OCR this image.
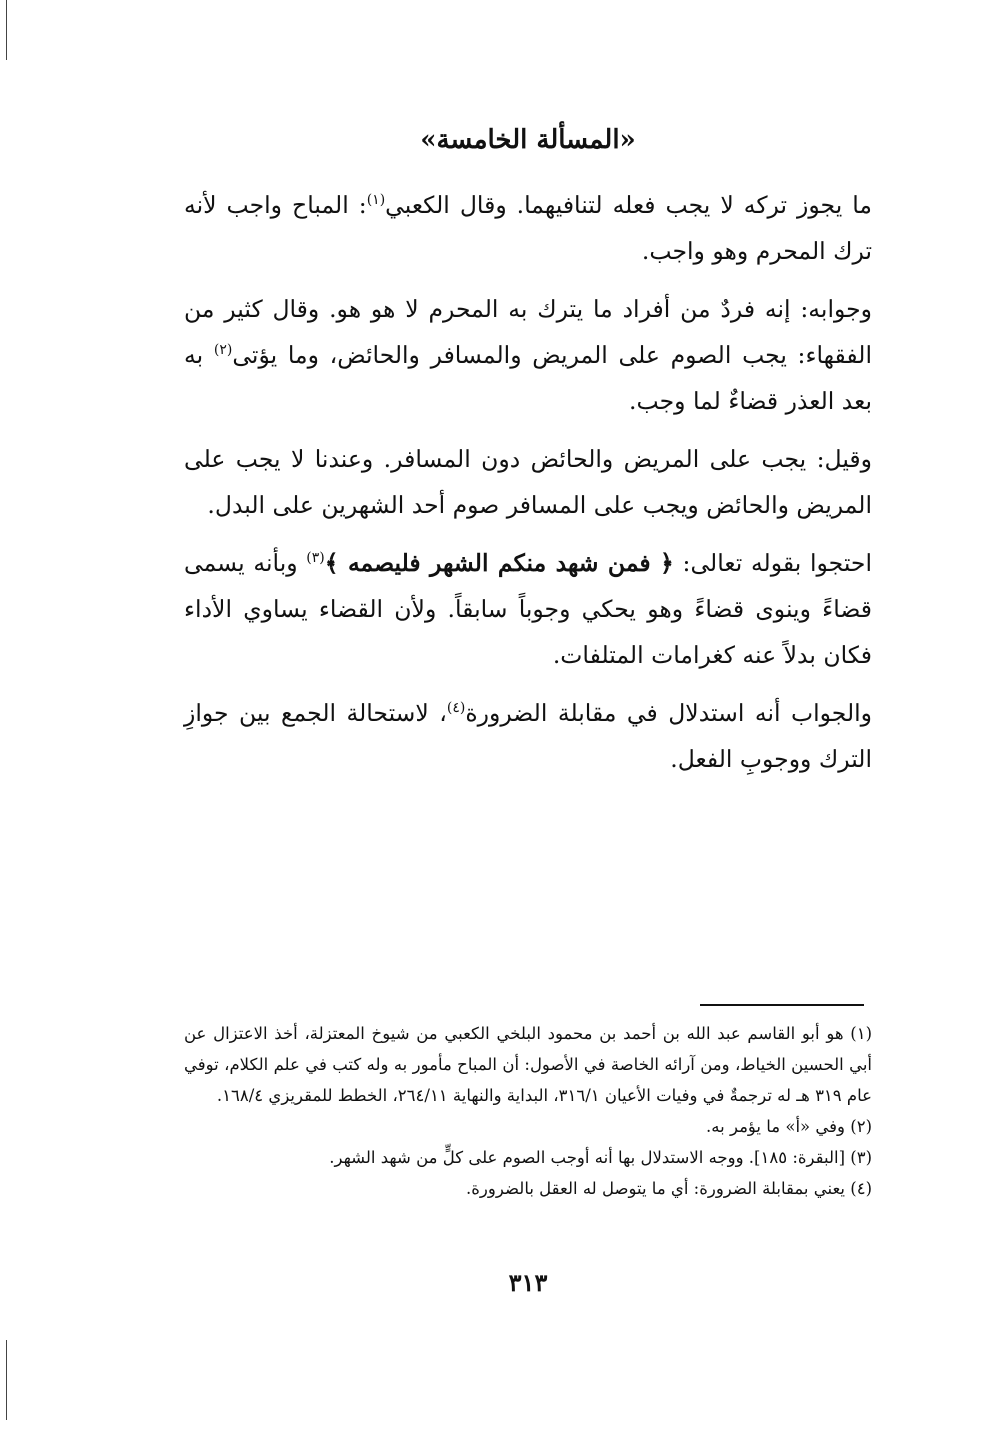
«المسألة الخامسة»

ما يجوز تركه لا يجب فعله لتنافيهما. وقال الكعبي$^{(١)}$: المباح واجب لأنه ترك المحرم وهو واجب.

وجوابه: إنه فردٌ من أفراد ما يترك به المحرم لا هو هو. وقال كثير من الفقهاء: يجب الصوم على المريض والمسافر والحائض، وما يؤتى$^{(٢)}$ به بعد العذر قضاءٌ لما وجب.

وقيل: يجب على المريض والحائض دون المسافر. وعندنا لا يجب على المريض والحائض ويجب على المسافر صوم أحد الشهرين على البدل.

احتجوا بقوله تعالى: ﴿ فمن شهد منكم الشهر فليصمه ﴾$^{(٣)}$ وبأنه يسمى قضاءً وينوى قضاءً وهو يحكي وجوباً سابقاً. ولأن القضاء يساوي الأداء فكان بدلاً عنه كغرامات المتلفات.

والجواب أنه استدلال في مقابلة الضرورة$^{(٤)}$، لاستحالة الجمع بين جوازِ الترك ووجوبِ الفعل.

(١) هو أبو القاسم عبد الله بن أحمد بن محمود البلخي الكعبي من شيوخ المعتزلة، أخذ الاعتزال عن أبي الحسين الخياط، ومن آرائه الخاصة في الأصول: أن المباح مأمور به وله كتب في علم الكلام، توفي عام ٣١٩ هـ له ترجمةٌ في وفيات الأعيان ٣١٦/١، البداية والنهاية ٢٦٤/١١، الخطط للمقريزي ١٦٨/٤.

(٢) وفي «أ» ما يؤمر به.

(٣) [البقرة: ١٨٥]. ووجه الاستدلال بها أنه أوجب الصوم على كلٍّ من شهد الشهر.

(٤) يعني بمقابلة الضرورة: أي ما يتوصل له العقل بالضرورة.

٣١٣
